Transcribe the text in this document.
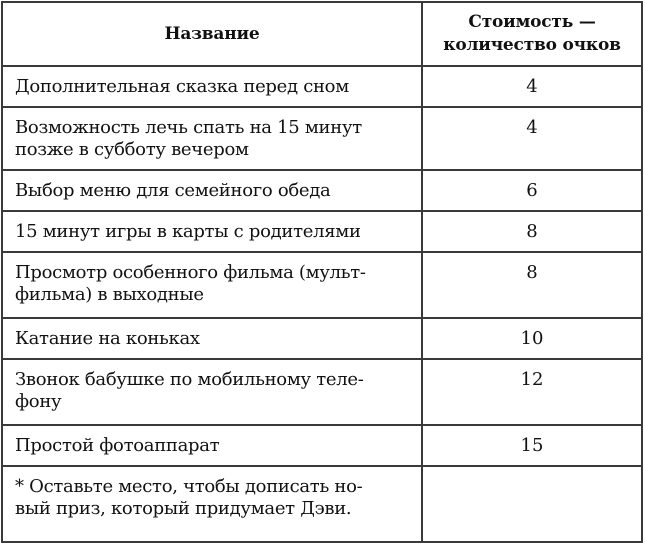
Название	Стоимость —
количество очков

Дополнительная сказка перед сном	4

Возможность лечь спать на 15 минут
позже в субботу вечером	4

Выбор меню для семейного обеда	6

15 минут игры в карты с родителями	8

Просмотр особенного фильма (мульт-
фильма) в выходные	8

Катание на коньках	10

Звонок бабушке по мобильному теле-
фону	12

Простой фотоаппарат	15

* Оставьте место, чтобы дописать но-
вый приз, который придумает Дэви.	
